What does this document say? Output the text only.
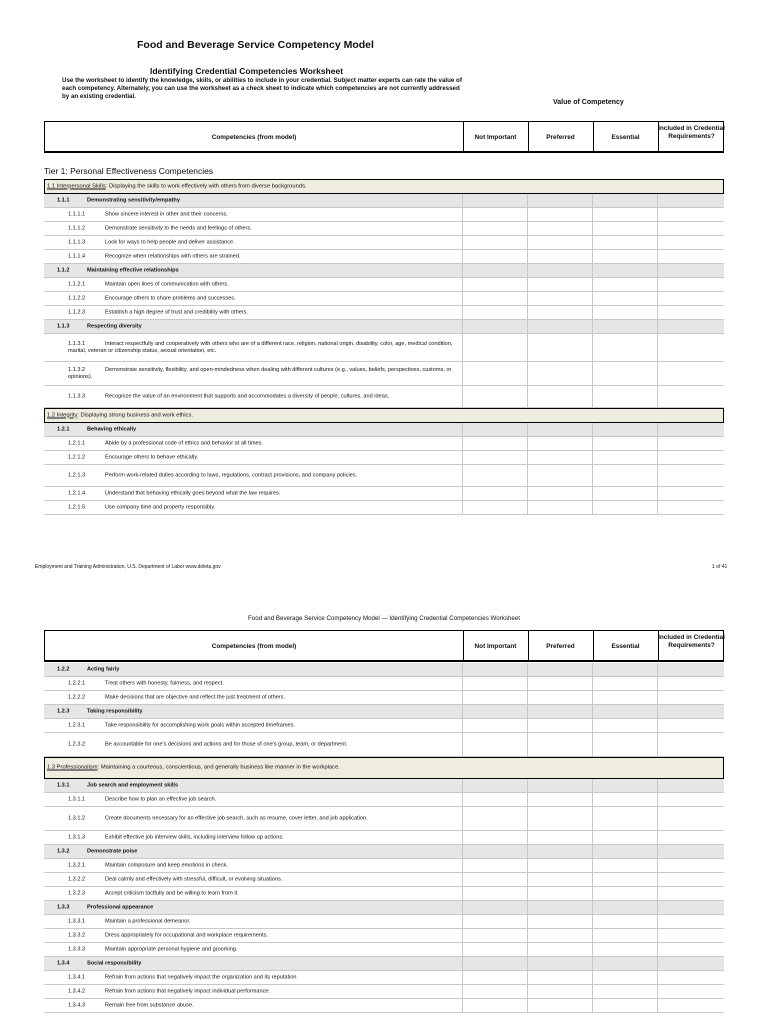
Food and Beverage Service Competency Model
Identifying Credential Competencies Worksheet
Use the worksheet to identify the knowledge, skills, or abilities to include in your credential. Subject matter experts can rate the value of each competency. Alternately, you can use the worksheet as a check sheet to indicate which competencies are not currently addressed by an existing credential.
Value of Competency
Competencies (from model)	Not Important	Preferred	Essential
Included in Credential Requirements?
Tier 1: Personal Effectiveness Competencies
1.1 Interpersonal Skills: Displaying the skills to work effectively with others from diverse backgrounds.
1.1.1	Demonstrating sensitivity/empathy
1.1.1.1	Show sincere interest in other and their concerns.
1.1.1.2	Demonstrate sensitivity to the needs and feelings of others.
1.1.1.3	Look for ways to help people and deliver assistance.
1.1.1.4	Recognize when relationships with others are strained.
1.1.2	Maintaining effective relationships
1.1.2.1	Maintain open lines of communication with others.
1.1.2.2	Encourage others to share problems and successes.
1.1.2.3	Establish a high degree of trust and credibility with others.
1.1.3	Respecting diversity
1.1.3.1	Interact respectfully and cooperatively with others who are of a different race, religion, national origin, disability, color, age, medical condition, marital, veteran or citizenship status, sexual orientation, etc.
1.1.3.2	Demonstrate sensitivity, flexibility, and open-mindedness when dealing with different cultures (e.g., values, beliefs, perspectives, customs, or opinions).
1.1.3.3	Recognize the value of an environment that supports and accommodates a diversity of people, cultures, and ideas.
1.2 Integrity: Displaying strong business and work ethics.
1.2.1	Behaving ethically
1.2.1.1	Abide by a professional code of ethics and behavior at all times.
1.2.1.2	Encourage others to behave ethically.
1.2.1.3	Perform work-related duties according to laws, regulations, contract provisions, and company policies.
1.2.1.4	Understand that behaving ethically goes beyond what the law requires.
1.2.1.5	Use company time and property responsibly.
Employment and Training Administration, U.S. Department of Labor www.doleta.gov	1 of 41
Food and Beverage Service Competency Model — Identifying Credential Competencies Worksheet
Competencies (from model)	Not Important	Preferred	Essential
Included in Credential Requirements?
1.2.2	Acting fairly
1.2.2.1	Treat others with honesty, fairness, and respect.
1.2.2.2	Make decisions that are objective and reflect the just treatment of others.
1.2.3	Taking responsibility
1.2.3.1	Take responsibility for accomplishing work goals within accepted timeframes.
1.2.3.2	Be accountable for one's decisions and actions and for those of one's group, team, or department.
1.3 Professionalism: Maintaining a courteous, conscientious, and generally business like manner in the workplace.
1.3.1	Job search and employment skills
1.3.1.1	Describe how to plan an effective job search.
1.3.1.2	Create documents necessary for an effective job search, such as resume, cover letter, and job application.
1.3.1.3	Exhibit effective job interview skills, including interview follow up actions.
1.3.2	Demonstrate poise
1.3.2.1	Maintain composure and keep emotions in check.
1.3.2.2	Deal calmly and effectively with stressful, difficult, or evolving situations.
1.3.2.3	Accept criticism tactfully and be willing to learn from it.
1.3.3	Professional appearance
1.3.3.1	Maintain a professional demeanor.
1.3.3.2	Dress appropriately for occupational and workplace requirements.
1.3.3.3	Maintain appropriate personal hygiene and grooming.
1.3.4	Social responsibility
1.3.4.1	Refrain from actions that negatively impact the organization and its reputation
1.3.4.2	Refrain from actions that negatively impact individual performance.
1.3.4.3	Remain free from substance abuse.
